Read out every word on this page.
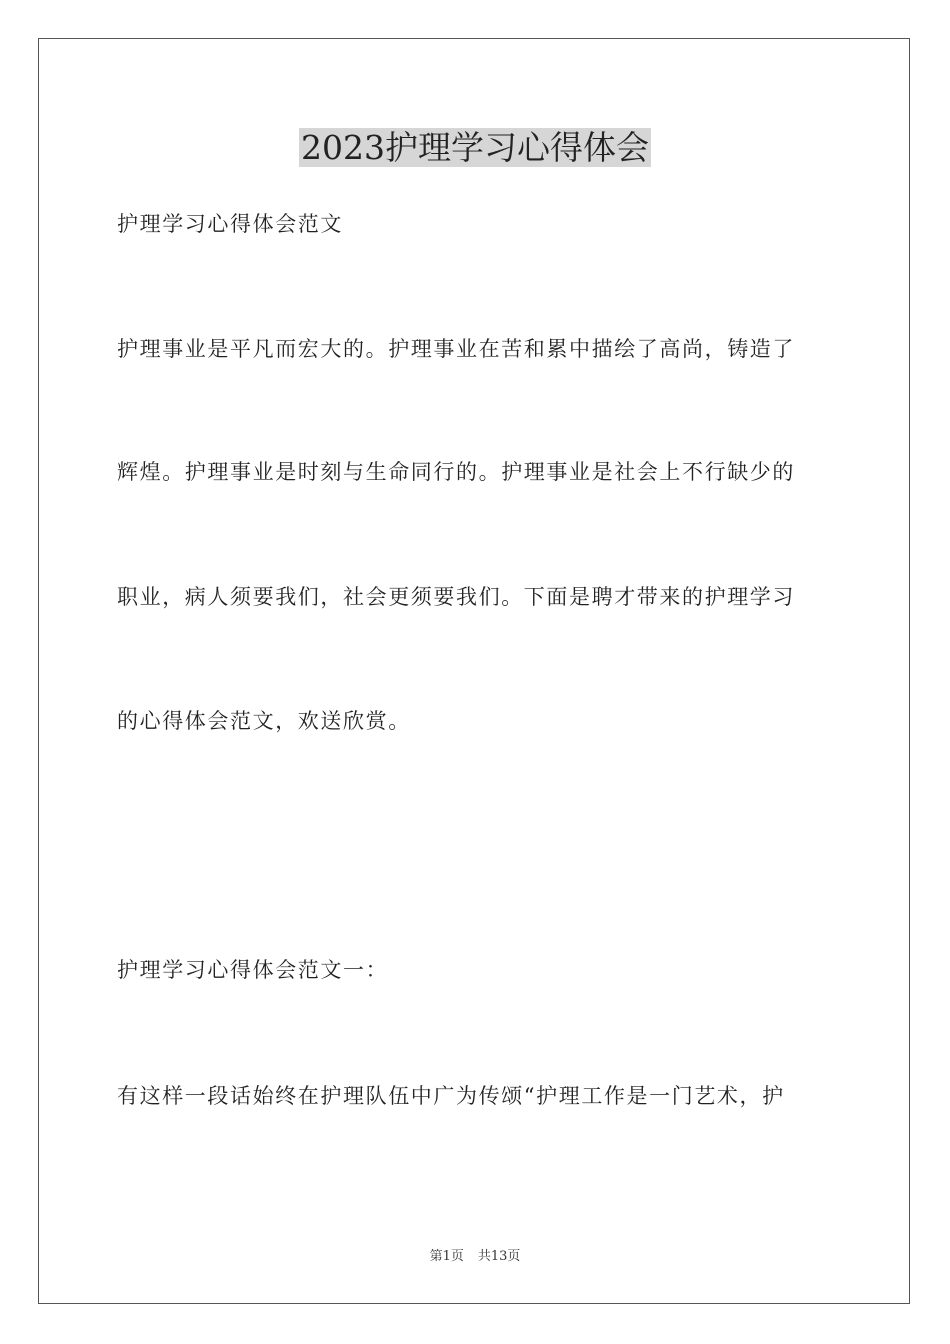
2023护理学习心得体会

护理学习心得体会范文

护理事业是平凡而宏大的。护理事业在苦和累中描绘了高尚，铸造了

辉煌。护理事业是时刻与生命同行的。护理事业是社会上不行缺少的

职业，病人须要我们，社会更须要我们。下面是聘才带来的护理学习

的心得体会范文，欢送欣赏。

护理学习心得体会范文一：

有这样一段话始终在护理队伍中广为传颂“护理工作是一门艺术，护

第1页 共13页
